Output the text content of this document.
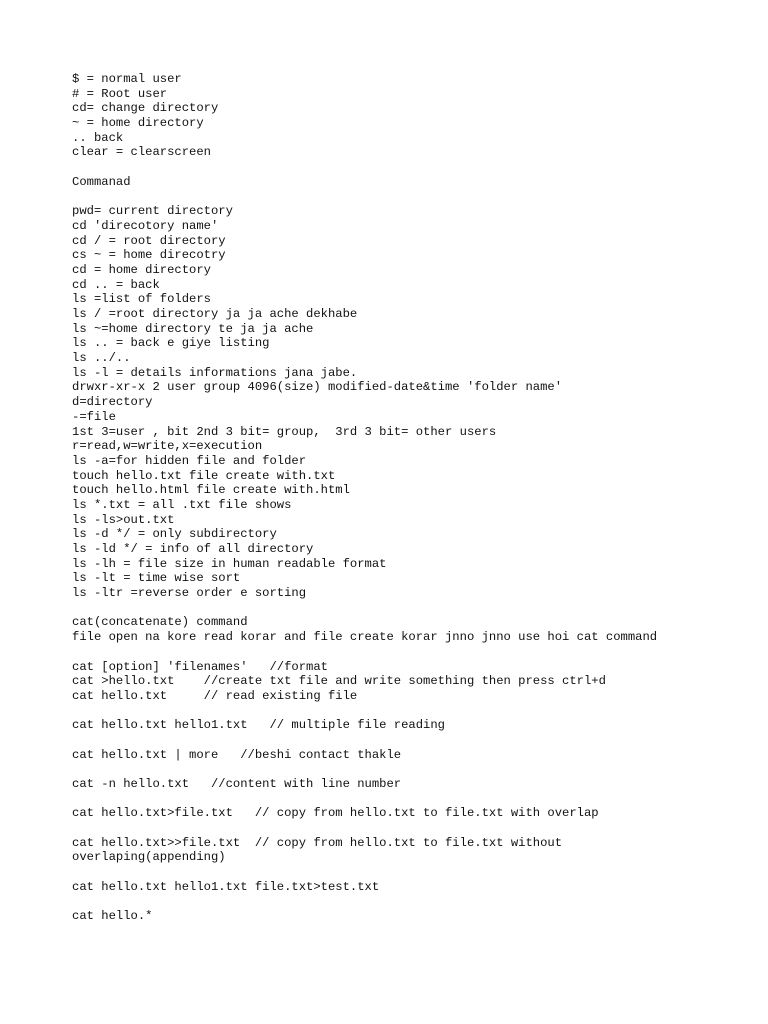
$ = normal user
# = Root user
cd= change directory
~ = home directory
.. back
clear = clearscreen
Commanad
pwd= current directory
cd 'direcotory name'
cd / = root directory
cs ~ = home direcotry
cd = home directory
cd .. = back
ls =list of folders
ls / =root directory ja ja ache dekhabe
ls ~=home directory te ja ja ache
ls .. = back e giye listing
ls ../..
ls -l = details informations jana jabe.
drwxr-xr-x 2 user group 4096(size) modified-date&time 'folder name'
d=directory
-=file
1st 3=user , bit 2nd 3 bit= group,  3rd 3 bit= other users
r=read,w=write,x=execution
ls -a=for hidden file and folder
touch hello.txt file create with.txt
touch hello.html file create with.html
ls *.txt = all .txt file shows
ls -ls>out.txt
ls -d */ = only subdirectory
ls -ld */ = info of all directory
ls -lh = file size in human readable format
ls -lt = time wise sort
ls -ltr =reverse order e sorting
cat(concatenate) command
file open na kore read korar and file create korar jnno jnno use hoi cat command
cat [option] 'filenames'   //format
cat >hello.txt    //create txt file and write something then press ctrl+d
cat hello.txt     // read existing file
cat hello.txt hello1.txt   // multiple file reading
cat hello.txt | more   //beshi contact thakle
cat -n hello.txt   //content with line number
cat hello.txt>file.txt   // copy from hello.txt to file.txt with overlap
cat hello.txt>>file.txt  // copy from hello.txt to file.txt without
overlaping(appending)
cat hello.txt hello1.txt file.txt>test.txt
cat hello.*
